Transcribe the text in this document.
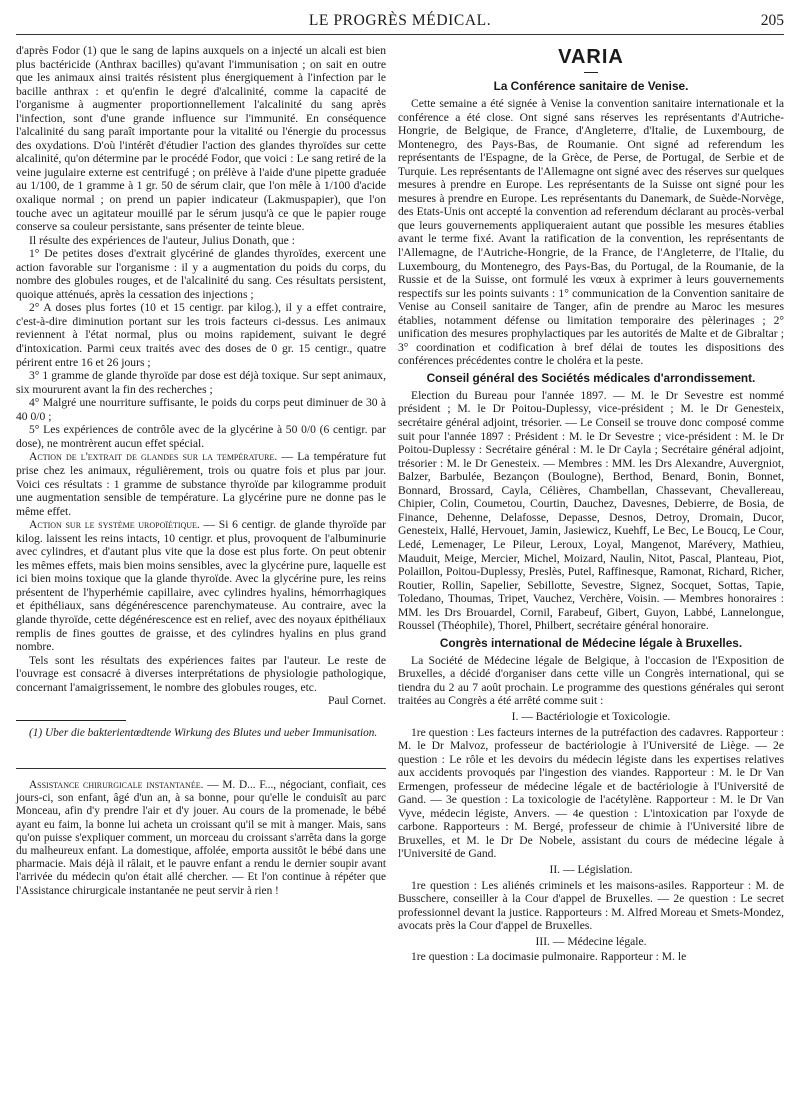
LE PROGRÈS MÉDICAL.	205

d'après Fodor (1) que le sang de lapins auxquels on a injecté un alcali est bien plus bactéricide (Anthrax bacilles) qu'avant l'immunisation ; on sait en outre que les animaux ainsi traités résistent plus énergiquement à l'infection par le bacille anthrax : et qu'enfin le degré d'alcalinité, comme la capacité de l'organisme à augmenter proportionnellement l'alcalinité du sang après l'infection, sont d'une grande influence sur l'immunité. En conséquence l'alcalinité du sang paraît importante pour la vitalité ou l'énergie du processus des oxydations. D'où l'intérêt d'étudier l'action des glandes thyroïdes sur cette alcalinité, qu'on détermine par le procédé Fodor, que voici : Le sang retiré de la veine jugulaire externe est centrifugé ; on prélève à l'aide d'une pipette graduée au 1/100, de 1 gramme à 1 gr. 50 de sérum clair, que l'on mêle à 1/100 d'acide oxalique normal ; on prend un papier indicateur (Lakmuspapier), que l'on touche avec un agitateur mouillé par le sérum jusqu'à ce que le papier rouge conserve sa couleur persistante, sans présenter de teinte bleue.

Il résulte des expériences de l'auteur, Julius Donath, que :

1° De petites doses d'extrait glycériné de glandes thyroïdes, exercent une action favorable sur l'organisme : il y a augmentation du poids du corps, du nombre des globules rouges, et de l'alcalinité du sang. Ces résultats persistent, quoique atténués, après la cessation des injections ;

2° A doses plus fortes (10 et 15 centigr. par kilog.), il y a effet contraire, c'est-à-dire diminution portant sur les trois facteurs ci-dessus. Les animaux reviennent à l'état normal, plus ou moins rapidement, suivant le degré d'intoxication. Parmi ceux traités avec des doses de 0 gr. 15 centigr., quatre périrent entre 16 et 26 jours ;

3° 1 gramme de glande thyroïde par dose est déjà toxique. Sur sept animaux, six moururent avant la fin des recherches ;

4° Malgré une nourriture suffisante, le poids du corps peut diminuer de 30 à 40 0/0 ;

5° Les expériences de contrôle avec de la glycérine à 50 0/0 (6 centigr. par dose), ne montrèrent aucun effet spécial.

Action de l'extrait de glandes sur la température. — La température fut prise chez les animaux, régulièrement, trois ou quatre fois et plus par jour. Voici ces résultats : 1 gramme de substance thyroïde par kilogramme produit une augmentation sensible de température. La glycérine pure ne donne pas le même effet.

Action sur le système uropoïétique. — Si 6 centigr. de glande thyroïde par kilog. laissent les reins intacts, 10 centigr. et plus, provoquent de l'albuminurie avec cylindres, et d'autant plus vite que la dose est plus forte. On peut obtenir les mêmes effets, mais bien moins sensibles, avec la glycérine pure, laquelle est ici bien moins toxique que la glande thyroïde. Avec la glycérine pure, les reins présentent de l'hyperhémie capillaire, avec cylindres hyalins, hémorrhagiques et épithéliaux, sans dégénérescence parenchymateuse. Au contraire, avec la glande thyroïde, cette dégénérescence est en relief, avec des noyaux épithéliaux remplis de fines gouttes de graisse, et des cylindres hyalins en plus grand nombre.

Tels sont les résultats des expériences faites par l'auteur. Le reste de l'ouvrage est consacré à diverses interprétations de physiologie pathologique, concernant l'amaigrissement, le nombre des globules rouges, etc.

Paul Cornet.

(1) Uber die bakterientœdtende Wirkung des Blutes und ueber Immunisation.

Assistance chirurgicale instantanée. — M. D... F..., négociant, confiait, ces jours-ci, son enfant, âgé d'un an, à sa bonne, pour qu'elle le conduisît au parc Monceau, afin d'y prendre l'air et d'y jouer. Au cours de la promenade, le bébé ayant eu faim, la bonne lui acheta un croissant qu'il se mit à manger. Mais, sans qu'on puisse s'expliquer comment, un morceau du croissant s'arrêta dans la gorge du malheureux enfant. La domestique, affolée, emporta aussitôt le bébé dans une pharmacie. Mais déjà il râlait, et le pauvre enfant a rendu le dernier soupir avant l'arrivée du médecin qu'on était allé chercher. — Et l'on continue à répéter que l'Assistance chirurgicale instantanée ne peut servir à rien !

VARIA
La Conférence sanitaire de Venise.

Cette semaine a été signée à Venise la convention sanitaire internationale et la conférence a été close. Ont signé sans réserves les représentants d'Autriche-Hongrie, de Belgique, de France, d'Angleterre, d'Italie, de Luxembourg, de Montenegro, des Pays-Bas, de Roumanie. Ont signé ad referendum les représentants de l'Espagne, de la Grèce, de Perse, de Portugal, de Serbie et de Turquie. Les représentants de l'Allemagne ont signé avec des réserves sur quelques mesures à prendre en Europe. Les représentants de la Suisse ont signé pour les mesures à prendre en Europe. Les représentants du Danemark, de Suède-Norvège, des Etats-Unis ont accepté la convention ad referendum déclarant au procès-verbal que leurs gouvernements appliqueraient autant que possible les mesures établies avant le terme fixé. Avant la ratification de la convention, les représentants de l'Allemagne, de l'Autriche-Hongrie, de la France, de l'Angleterre, de l'Italie, du Luxembourg, du Montenegro, des Pays-Bas, du Portugal, de la Roumanie, de la Russie et de la Suisse, ont formulé les vœux à exprimer à leurs gouvernements respectifs sur les points suivants : 1° communication de la Convention sanitaire de Venise au Conseil sanitaire de Tanger, afin de prendre au Maroc les mesures établies, notamment défense ou limitation temporaire des pèlerinages ; 2° unification des mesures prophylactiques par les autorités de Malte et de Gibraltar ; 3° coordination et codification à bref délai de toutes les dispositions des conférences précédentes contre le choléra et la peste.

Conseil général des Sociétés médicales d'arrondissement.

Election du Bureau pour l'année 1897. — M. le Dr Sevestre est nommé président ; M. le Dr Poitou-Duplessy, vice-président ; M. le Dr Genesteix, secrétaire général adjoint, trésorier. — Le Conseil se trouve donc composé comme suit pour l'année 1897 : Président : M. le Dr Sevestre ; vice-président : M. le Dr Poitou-Duplessy : Secrétaire général : M. le Dr Cayla ; Secrétaire général adjoint, trésorier : M. le Dr Genesteix. — Membres : MM. les Drs Alexandre, Auvergniot, Balzer, Barbulée, Bezançon (Boulogne), Berthod, Benard, Bonin, Bonnet, Bonnard, Brossard, Cayla, Célières, Chambellan, Chassevant, Chevallereau, Chipier, Colin, Coumetou, Courtin, Dauchez, Davesnes, Debierre, de Bosia, de Finance, Dehenne, Delafosse, Depasse, Desnos, Detroy, Dromain, Ducor, Genesteix, Hallé, Hervouet, Jamin, Jasiewicz, Kuehff, Le Bec, Le Boucq, Le Cour, Ledé, Lemenager, Le Pileur, Leroux, Loyal, Mangenot, Marévery, Mathieu, Mauduit, Meige, Mercier, Michel, Moizard, Naulin, Nitot, Pascal, Planteau, Piot, Polaillon, Poitou-Duplessy, Preslès, Putel, Raffinesque, Ramonat, Richard, Richer, Routier, Rollin, Sapelier, Sebillotte, Sevestre, Signez, Socquet, Sottas, Tapie, Toledano, Thoumas, Tripet, Vauchez, Verchère, Voisin. — Membres honoraires : MM. les Drs Brouardel, Cornil, Farabeuf, Gibert, Guyon, Labbé, Lannelongue, Roussel (Théophile), Thorel, Philbert, secrétaire général honoraire.

Congrès international de Médecine légale à Bruxelles.

La Société de Médecine légale de Belgique, à l'occasion de l'Exposition de Bruxelles, a décidé d'organiser dans cette ville un Congrès international, qui se tiendra du 2 au 7 août prochain. Le programme des questions générales qui seront traitées au Congrès a été arrêté comme suit :

I. — Bactériologie et Toxicologie.

1re question : Les facteurs internes de la putréfaction des cadavres. Rapporteur : M. le Dr Malvoz, professeur de bactériologie à l'Université de Liège. — 2e question : Le rôle et les devoirs du médecin légiste dans les expertises relatives aux accidents provoqués par l'ingestion des viandes. Rapporteur : M. le Dr Van Ermengen, professeur de médecine légale et de bactériologie à l'Université de Gand. — 3e question : La toxicologie de l'acétylène. Rapporteur : M. le Dr Van Vyve, médecin légiste, Anvers. — 4e question : L'intoxication par l'oxyde de carbone. Rapporteurs : M. Bergé, professeur de chimie à l'Université libre de Bruxelles, et M. le Dr De Nobele, assistant du cours de médecine légale à l'Université de Gand.

II. — Législation.

1re question : Les aliénés criminels et les maisons-asiles. Rapporteur : M. de Busschere, conseiller à la Cour d'appel de Bruxelles. — 2e question : Le secret professionnel devant la justice. Rapporteurs : M. Alfred Moreau et Smets-Mondez, avocats près la Cour d'appel de Bruxelles.

III. — Médecine légale.

1re question : La docimasie pulmonaire. Rapporteur : M. le
